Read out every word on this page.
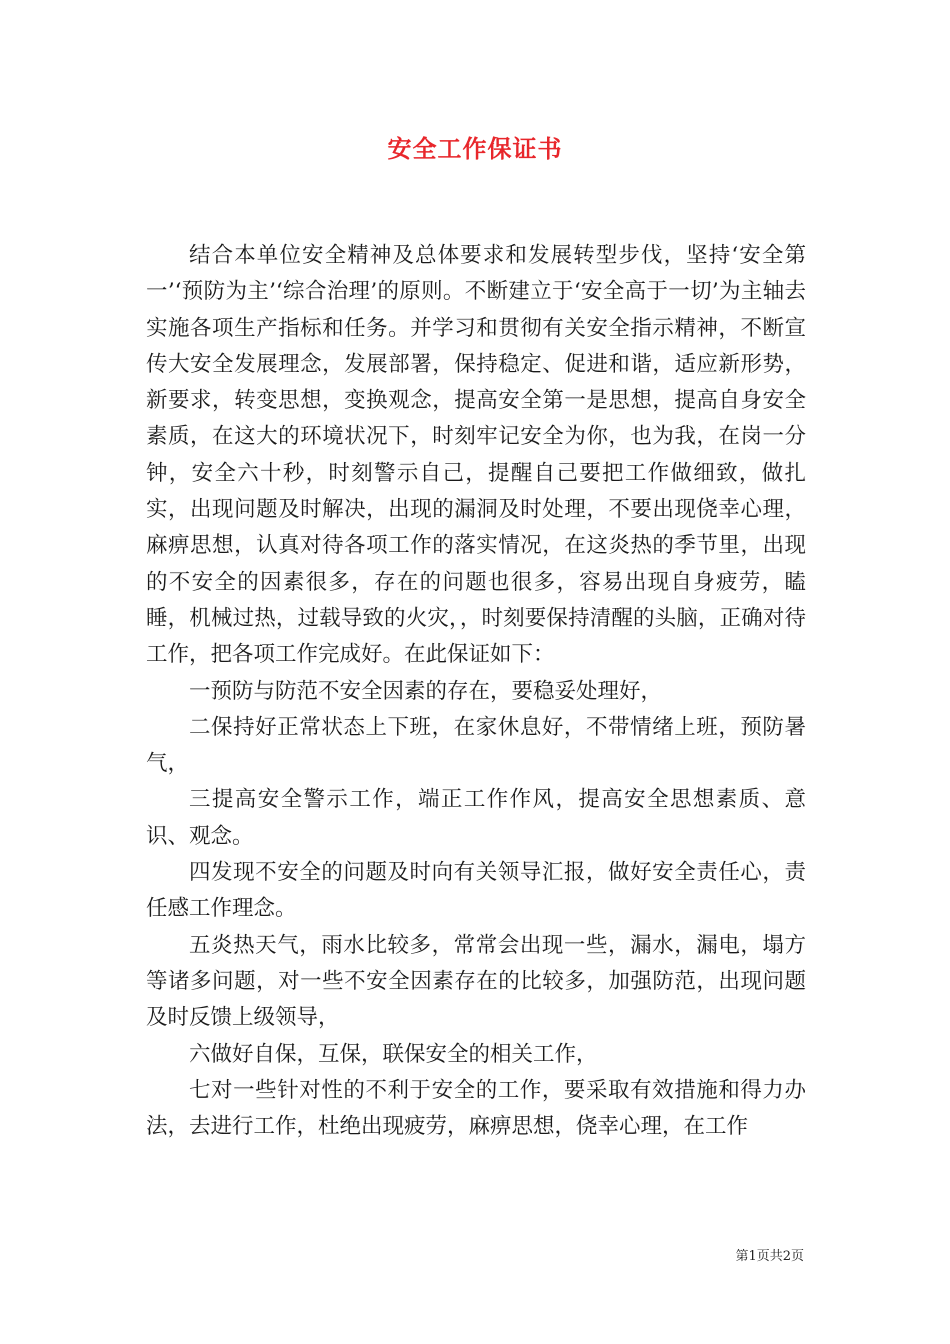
安全工作保证书

结合本单位安全精神及总体要求和发展转型步伐，坚持‘安全第一’‘预防为主’‘综合治理’的原则。不断建立于‘安全高于一切’为主轴去实施各项生产指标和任务。并学习和贯彻有关安全指示精神，不断宣传大安全发展理念，发展部署，保持稳定、促进和谐，适应新形势，新要求，转变思想，变换观念，提高安全第一是思想，提高自身安全素质，在这大的环境状况下，时刻牢记安全为你，也为我，在岗一分钟，安全六十秒，时刻警示自己，提醒自己要把工作做细致，做扎实，出现问题及时解决，出现的漏洞及时处理，不要出现侥幸心理，麻痹思想，认真对待各项工作的落实情况，在这炎热的季节里，出现的不安全的因素很多，存在的问题也很多，容易出现自身疲劳，瞌睡，机械过热，过载导致的火灾，，时刻要保持清醒的头脑，正确对待工作，把各项工作完成好。在此保证如下：

一预防与防范不安全因素的存在，要稳妥处理好，

二保持好正常状态上下班，在家休息好，不带情绪上班，预防暑气，

三提高安全警示工作，端正工作作风，提高安全思想素质、意识、观念。

四发现不安全的问题及时向有关领导汇报，做好安全责任心，责任感工作理念。

五炎热天气，雨水比较多，常常会出现一些，漏水，漏电，塌方等诸多问题，对一些不安全因素存在的比较多，加强防范，出现问题及时反馈上级领导，

六做好自保，互保，联保安全的相关工作，

七对一些针对性的不利于安全的工作，要采取有效措施和得力办法，去进行工作，杜绝出现疲劳，麻痹思想，侥幸心理，在工作

第1页共2页
